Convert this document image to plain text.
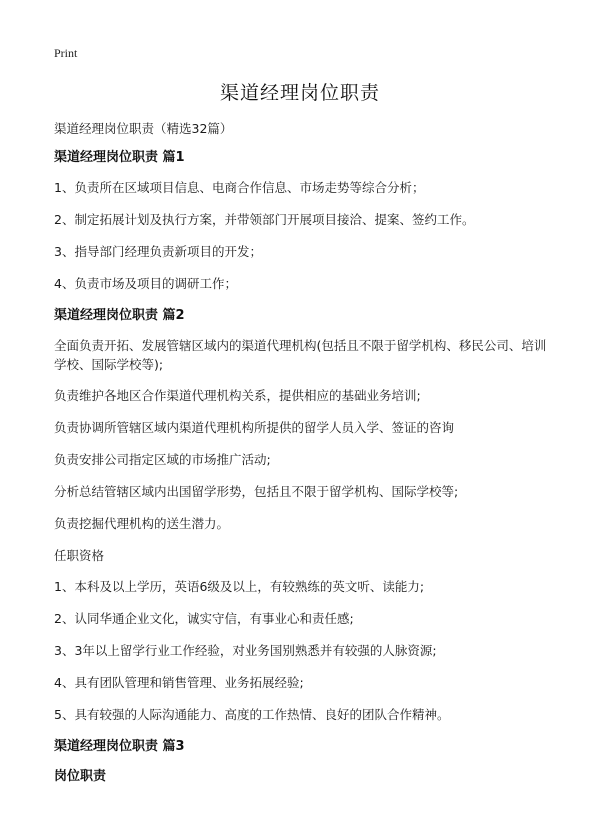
Print
渠道经理岗位职责

渠道经理岗位职责（精选32篇）

渠道经理岗位职责 篇1

1、负责所在区域项目信息、电商合作信息、市场走势等综合分析；

2、制定拓展计划及执行方案，并带领部门开展项目接洽、提案、签约工作。

3、指导部门经理负责新项目的开发；

4、负责市场及项目的调研工作；

渠道经理岗位职责 篇2

全面负责开拓、发展管辖区域内的渠道代理机构(包括且不限于留学机构、移民公司、培训学校、国际学校等);

负责维护各地区合作渠道代理机构关系，提供相应的基础业务培训;

负责协调所管辖区域内渠道代理机构所提供的留学人员入学、签证的咨询

负责安排公司指定区域的市场推广活动;

分析总结管辖区域内出国留学形势，包括且不限于留学机构、国际学校等;

负责挖掘代理机构的送生潜力。

任职资格

1、本科及以上学历，英语6级及以上，有较熟练的英文听、读能力;

2、认同华通企业文化，诚实守信，有事业心和责任感;

3、3年以上留学行业工作经验，对业务国别熟悉并有较强的人脉资源;

4、具有团队管理和销售管理、业务拓展经验;

5、具有较强的人际沟通能力、高度的工作热情、良好的团队合作精神。

渠道经理岗位职责 篇3

岗位职责
